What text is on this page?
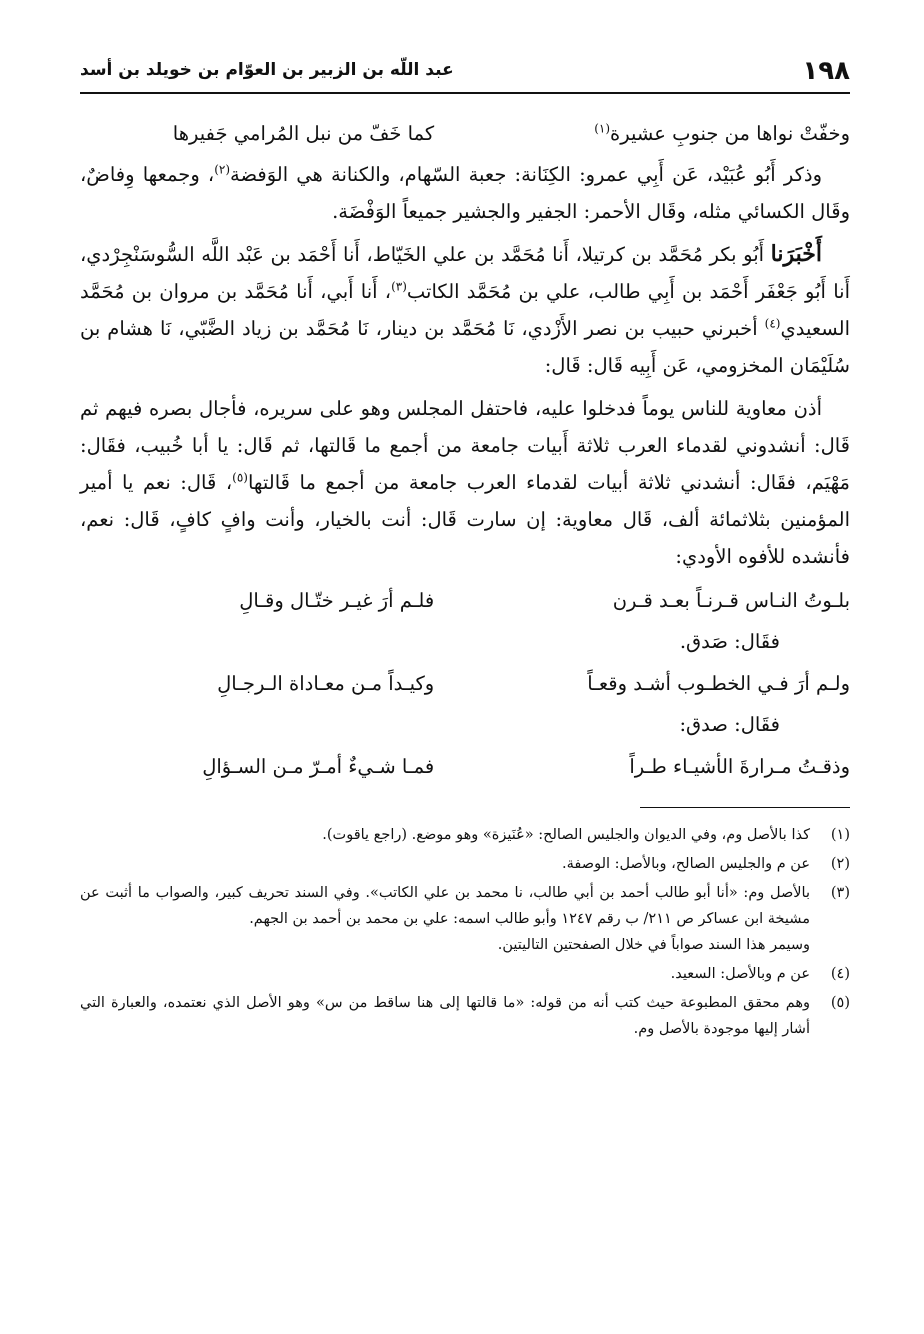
١٩٨
عبد اللّه بن الزبير بن العوّام بن خويلد بن أسد
وخفّتْ نواها من جنوبِ عشيرة$^{(١)}$
كما خَفّ من نبل المُرامي جَفيرها

وذكر أَبُو عُبَيْد، عَن أَبِي عمرو: الكِنَانة: جعبة السّهام، والكنانة هي الوَفضة$^{(٢)}$، وجمعها وِفاضٌ، وقَال الكسائي مثله، وقَال الأحمر: الجفير والجشير جميعاً الوَفْضَة.

أَخْبَرَنا أَبُو بكر مُحَمَّد بن كرتيلا، أَنا مُحَمَّد بن علي الخَيّاط، أَنا أَحْمَد بن عَبْد اللَّه السُّوسَنْجِرْدي، أَنا أَبُو جَعْفَر أَحْمَد بن أَبِي طالب، علي بن مُحَمَّد الكاتب$^{(٣)}$، أَنا أَبي، أَنا مُحَمَّد بن مروان بن مُحَمَّد السعيدي$^{(٤)}$ أخبرني حبيب بن نصر الأَزْدي، نَا مُحَمَّد بن دينار، نَا مُحَمَّد بن زياد الضَّبّي، نَا هشام بن سُلَيْمَان المخزومي، عَن أَبِيه قَال: قَال:

أذن معاوية للناس يوماً فدخلوا عليه، فاحتفل المجلس وهو على سريره، فأجال بصره فيهم ثم قَال: أنشدوني لقدماء العرب ثلاثة أَبيات جامعة من أجمع ما قَالتها، ثم قَال: يا أبا خُبيب، فقَال: مَهْيَم، فقَال: أنشدني ثلاثة أبيات لقدماء العرب جامعة من أجمع ما قَالتها$^{(٥)}$، قَال: نعم يا أمير المؤمنين بثلاثمائة ألف، قَال معاوية: إن سارت قَال: أنت بالخيار، وأنت وافٍ كافٍ، قَال: نعم، فأنشده للأفوه الأودي:

بلـوتُ النـاس قـرنـاً بعـد قـرن
فلـم أرَ غيـر ختّـال وقـالِ

فقَال: صَدق.

ولـم أرَ فـي الخطـوب أشـد وقعـاً
وكيـداً مـن معـاداة الـرجـالِ

فقَال: صدق:

وذقـتُ مـرارةَ الأشيـاء طـراً
فمـا شـيءٌ أمـرّ مـن السـؤالِ
(١)
كذا بالأصل وم، وفي الديوان والجليس الصالح: «عُنَيزة» وهو موضع. (راجع ياقوت).
(٢)
عن م والجليس الصالح، وبالأصل: الوصفة.
(٣)
بالأصل وم: «أنا أبو طالب أحمد بن أبي طالب، نا محمد بن علي الكاتب». وفي السند تحريف كبير، والصواب ما أثبت عن مشيخة ابن عساكر ص ٢١١/ ب رقم ١٢٤٧ وأبو طالب اسمه: علي بن محمد بن أحمد بن الجهم.
وسيمر هذا السند صواباً في خلال الصفحتين التاليتين.
(٤)
عن م وبالأصل: السعيد.
(٥)
وهم محقق المطبوعة حيث كتب أنه من قوله: «ما قالتها إلى هنا ساقط من س» وهو الأصل الذي نعتمده، والعبارة التي أشار إليها موجودة بالأصل وم.
